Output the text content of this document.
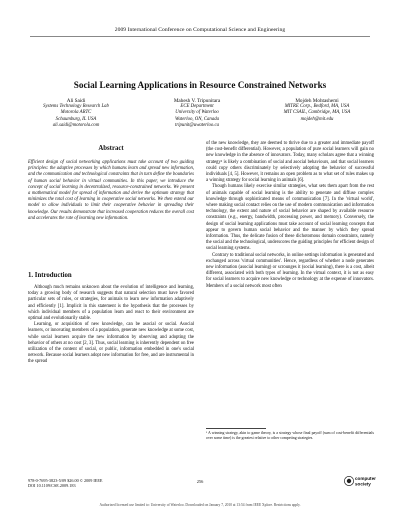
2009 International Conference on Computational Science and Engineering
Social Learning Applications in Resource Constrained Networks
Ali Saidi
Systems Technology Research Lab
Motorola ARTC
Schaumburg, IL USA
ali.saidi@motorola.com
Mahesh V. Tripunitara
ECE Department
University of Waterloo
Waterloo, ON, Canada
tripunit@uwaterloo.ca
Mojdeh Mohtashemi
MITRE Corp., Bedford, MA, USA
MIT CSAIL, Cambridge, MA, USA
mojdeh@mit.edu
Abstract
Efficient design of social networking applications must take account of two guiding principles: the adaptive processes by which humans learn and spread new information, and the communication and technological constraints that in turn define the boundaries of human social behavior in virtual communities. In this paper, we introduce the concept of social learning in decentralized, resource-constrained networks. We present a mathematical model for spread of information and derive the optimum strategy that minimizes the total cost of learning in cooperative social networks. We then extend our model to allow individuals to limit their cooperative behavior in spreading their knowledge. Our results demonstrate that increased cooperation reduces the overall cost and accelerates the rate of learning new information.
1. Introduction

Although much remains unknown about the evolution of intelligence and learning, today a growing body of research suggests that natural selection must have favored particular sets of rules, or strategies, for animals to learn new information adaptively and efficiently [1]. Implicit in this statement is the hypothesis that the processes by which individual members of a population learn and react to their environment are optimal and evolutionarily stable.

Learning, or acquisition of new knowledge, can be asocial or social. Asocial learners, or innovating members of a population, generate new knowledge at some cost, while social learners acquire the new information by observing and adopting the behavior of others at no cost [2, 3]. Thus, social learning is inherently dependent on free utilization of the content of social, or public, information embedded in one's social network. Because social learners adopt new information for free, and are instrumental in the spread

of the new knowledge, they are deemed to thrive due to a greater and immediate payoff (the cost-benefit differential). However, a population of pure social learners will gain no new knowledge in the absence of innovators. Today, many scholars agree that a winning strategy¹ is likely a combination of social and asocial behaviours, and that social learners could copy others discriminately by selectively adopting the behavior of successful individuals [4, 5]. However, it remains an open problem as to what set of rules makes up a winning strategy for social learning in animals [6].

Though humans likely exercise similar strategies, what sets them apart from the rest of animals capable of social learning is the ability to generate and diffuse complex knowledge through sophisticated means of communication [7]. In the 'virtual world', where making social contact relies on the use of modern communication and information technology, the extent and nature of social behavior are shaped by available resource constraints (e.g., energy, bandwidth, processing power, and memory). Conversely, the design of social learning applications must take account of social learning concepts that appear to govern human social behavior and the manner by which they spread information. Thus, the delicate fusion of these dichotomous domain constraints, namely the social and the technological, underscores the guiding principles for efficient design of social learning systems.

Contrary to traditional social networks, in online settings information is generated and exchanged across 'virtual communities'. Hence, regardless of whether a node generates new information (asocial learning) or scrounges it (social learning), there is a cost, albeit different, associated with both types of learning. In the virtual context, it is not as easy for social learners to acquire new knowledge or technology at the expense of innovators. Members of a social network most often

¹ A winning strategy, akin to game theory, is a strategy whose final payoff (sum of cost-benefit differentials over some time) is the greatest relative to other competing strategies.
978-0-7695-3823-5/09 $26.00 © 2009 IEEE
DOI 10.1109/CSE.2009.183
256
computer
society
Authorized licensed use limited to: University of Waterloo. Downloaded on January 7, 2010 at 13:54 from IEEE Xplore. Restrictions apply.
